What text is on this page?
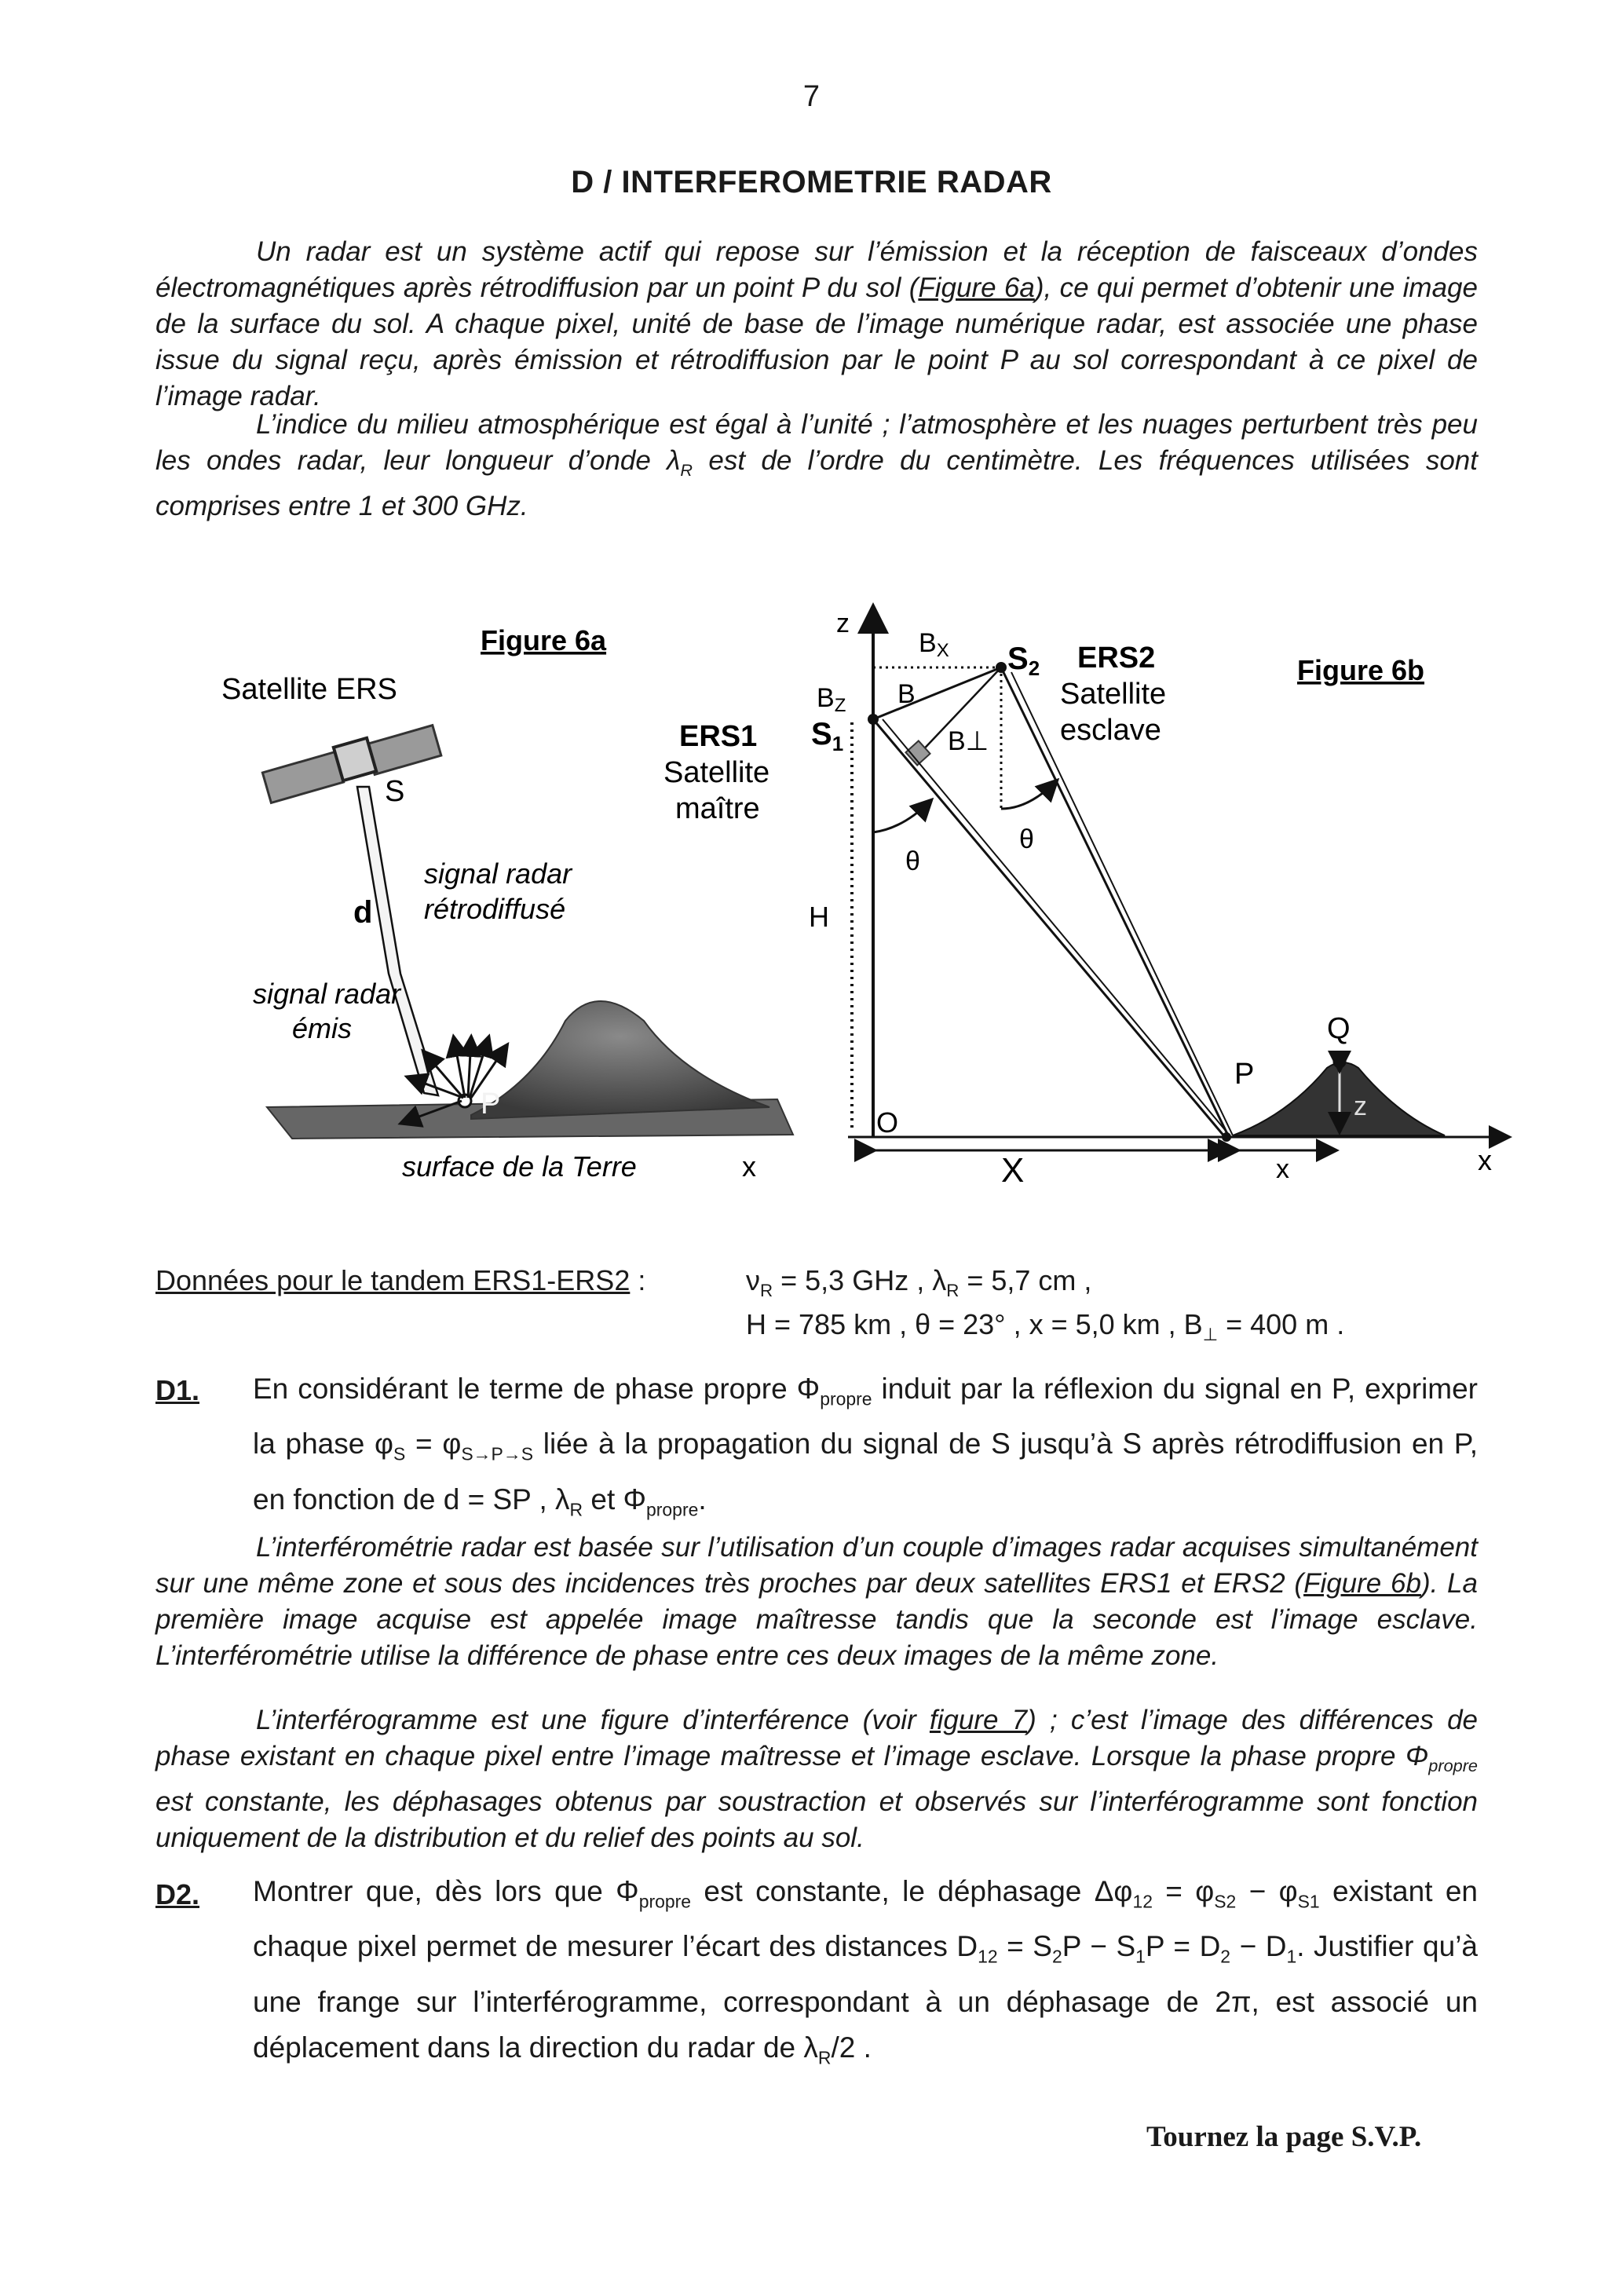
7
D / INTERFEROMETRIE RADAR
Un radar est un système actif qui repose sur l’émission et la réception de faisceaux d’ondes électromagnétiques après rétrodiffusion par un point P du sol (Figure 6a), ce qui permet d’obtenir une image de la surface du sol. A chaque pixel, unité de base de l’image numérique radar, est associée une phase issue du signal reçu, après émission et rétrodiffusion par le point P au sol correspondant à ce pixel de l’image radar.
L’indice du milieu atmosphérique est égal à l’unité ; l’atmosphère et les nuages perturbent très peu les ondes radar, leur longueur d’onde $\lambda_R$ est de l’ordre du centimètre. Les fréquences utilisées sont comprises entre 1 et 300 GHz.
Figure 6a
Satellite ERS
S
d
signal radar
rétrodiffusé
signal radar
émis
P
surface de la Terre	x
Figure 6b
z
x
O
H
X
θ
θ
BX
BZ B
B⊥
$S_1$
$S_2$ ERS2
Satellite
esclave
ERS1
Satellite
maître
P
Q
z
x
Données pour le tandem ERS1-ERS2 :	$\nu_R = 5,3$ GHz , $\lambda_R = 5,7$ cm ,
H = 785 km , θ = 23° , x = 5,0 km , $B_\perp = 400$ m .
D1. En considérant le terme de phase propre $\Phi_{propre}$ induit par la réflexion du signal en P, exprimer la phase $\varphi_S = \varphi_{S\to P\to S}$ liée à la propagation du signal de S jusqu’à S après rétrodiffusion en P, en fonction de d = SP , $\lambda_R$ et $\Phi_{propre}$.
L’interférométrie radar est basée sur l’utilisation d’un couple d’images radar acquises simultanément sur une même zone et sous des incidences très proches par deux satellites ERS1 et ERS2 (Figure 6b). La première image acquise est appelée image maîtresse tandis que la seconde est l’image esclave. L’interférométrie utilise la différence de phase entre ces deux images de la même zone.
L’interférogramme est une figure d’interférence (voir figure 7) ; c’est l’image des différences de phase existant en chaque pixel entre l’image maîtresse et l’image esclave. Lorsque la phase propre $\Phi_{propre}$ est constante, les déphasages obtenus par soustraction et observés sur l’interférogramme sont fonction uniquement de la distribution et du relief des points au sol.
D2. Montrer que, dès lors que $\Phi_{propre}$ est constante, le déphasage $\Delta\varphi_{12} = \varphi_{S2} - \varphi_{S1}$ existant en chaque pixel permet de mesurer l’écart des distances $D_{12} = S_2P - S_1P = D_2 - D_1$. Justifier qu’à une frange sur l’interférogramme, correspondant à un déphasage de 2π, est associé un déplacement dans la direction du radar de $\lambda_R/2$ .
Tournez la page S.V.P.
